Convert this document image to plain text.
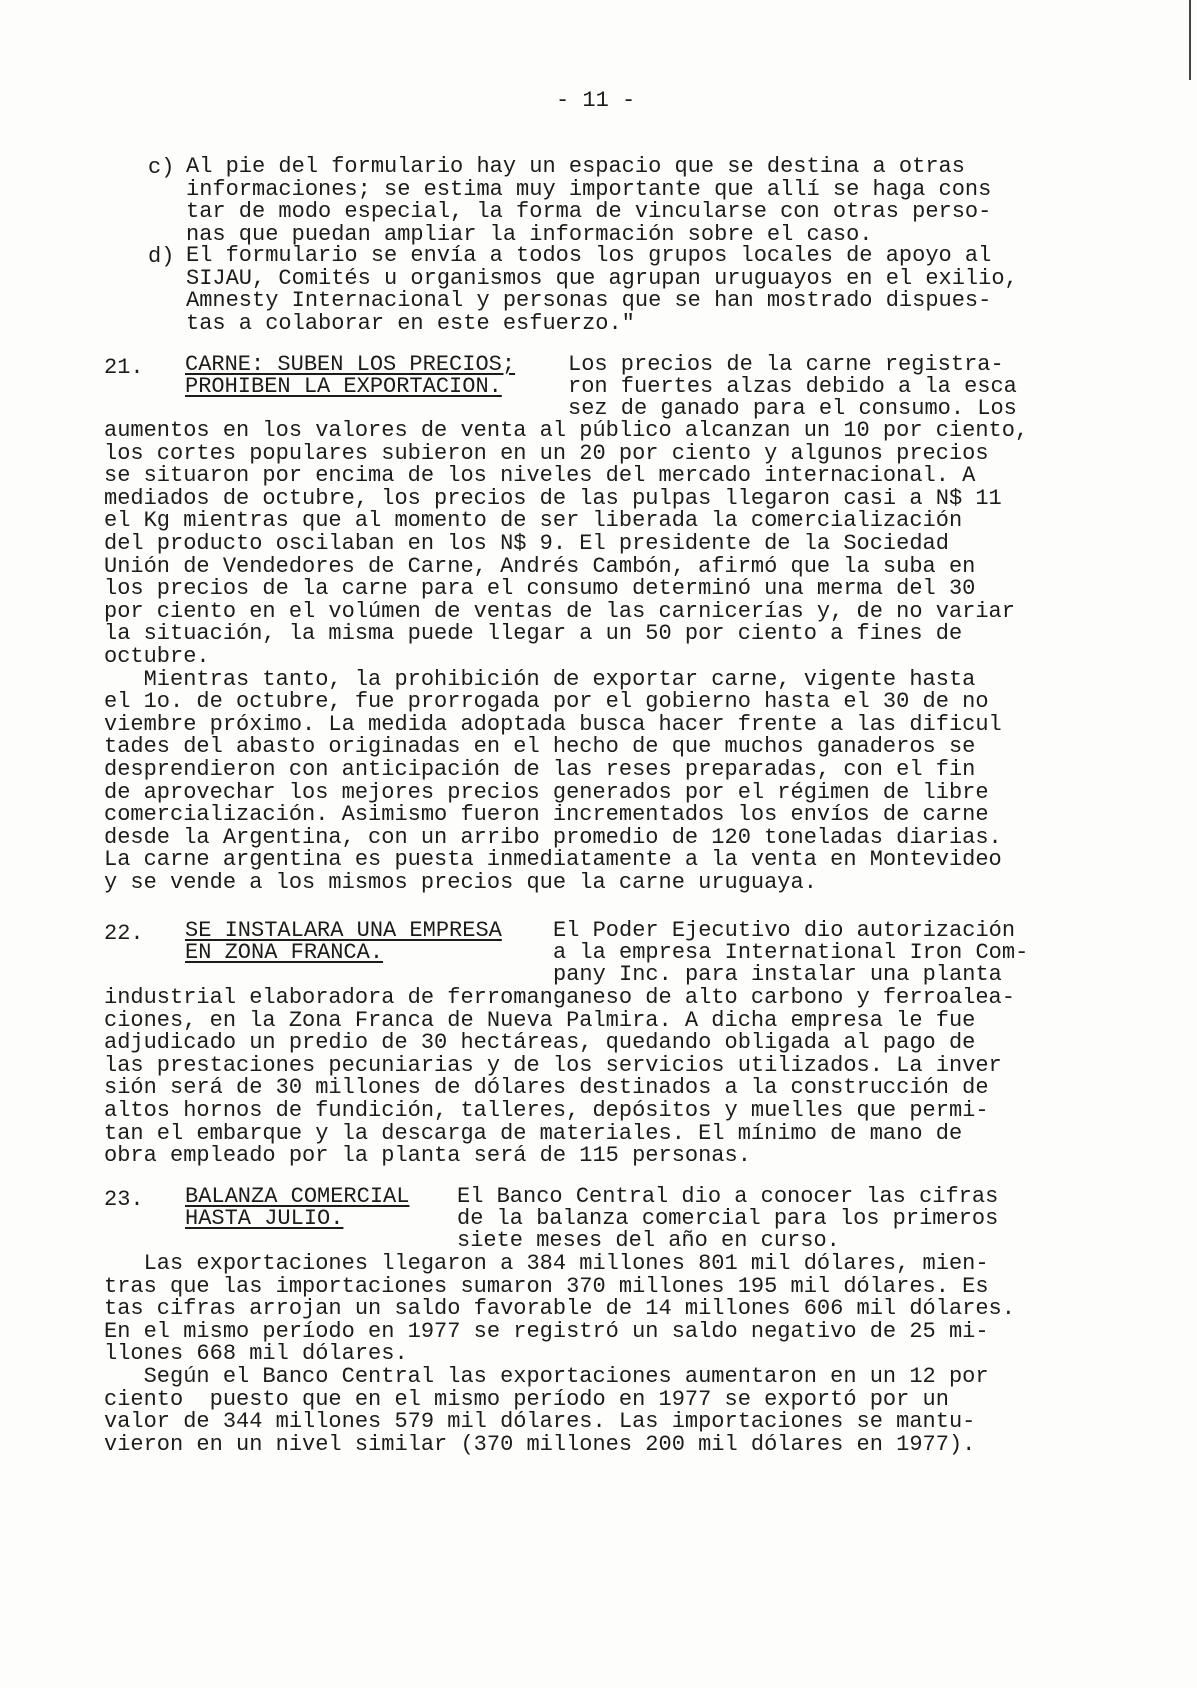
- 11 -
c) Al pie del formulario hay un espacio que se destina a otras
informaciones; se estima muy importante que allí se haga cons
tar de modo especial, la forma de vincularse con otras perso-
nas que puedan ampliar la información sobre el caso.
d) El formulario se envía a todos los grupos locales de apoyo al
SIJAU, Comités u organismos que agrupan uruguayos en el exilio,
Amnesty Internacional y personas que se han mostrado dispues-
tas a colaborar en este esfuerzo."
21. CARNE: SUBEN LOS PRECIOS;
PROHIBEN LA EXPORTACION.
Los precios de la carne registra-
ron fuertes alzas debido a la esca
sez de ganado para el consumo. Los
aumentos en los valores de venta al público alcanzan un 10 por ciento,
los cortes populares subieron en un 20 por ciento y algunos precios
se situaron por encima de los niveles del mercado internacional. A
mediados de octubre, los precios de las pulpas llegaron casi a N$ 11
el Kg mientras que al momento de ser liberada la comercialización
del producto oscilaban en los N$ 9. El presidente de la Sociedad
Unión de Vendedores de Carne, Andrés Cambón, afirmó que la suba en
los precios de la carne para el consumo determinó una merma del 30
por ciento en el volúmen de ventas de las carnicerías y, de no variar
la situación, la misma puede llegar a un 50 por ciento a fines de
octubre.
Mientras tanto, la prohibición de exportar carne, vigente hasta
el 1o. de octubre, fue prorrogada por el gobierno hasta el 30 de no
viembre próximo. La medida adoptada busca hacer frente a las dificul
tades del abasto originadas en el hecho de que muchos ganaderos se
desprendieron con anticipación de las reses preparadas, con el fin
de aprovechar los mejores precios generados por el régimen de libre
comercialización. Asimismo fueron incrementados los envíos de carne
desde la Argentina, con un arribo promedio de 120 toneladas diarias.
La carne argentina es puesta inmediatamente a la venta en Montevideo
y se vende a los mismos precios que la carne uruguaya.
22. SE INSTALARA UNA EMPRESA
EN ZONA FRANCA.
El Poder Ejecutivo dio autorización
a la empresa International Iron Com-
pany Inc. para instalar una planta
industrial elaboradora de ferromanganeso de alto carbono y ferroalea-
ciones, en la Zona Franca de Nueva Palmira. A dicha empresa le fue
adjudicado un predio de 30 hectáreas, quedando obligada al pago de
las prestaciones pecuniarias y de los servicios utilizados. La inver
sión será de 30 millones de dólares destinados a la construcción de
altos hornos de fundición, talleres, depósitos y muelles que permi-
tan el embarque y la descarga de materiales. El mínimo de mano de
obra empleado por la planta será de 115 personas.
23. BALANZA COMERCIAL
HASTA JULIO.
El Banco Central dio a conocer las cifras
de la balanza comercial para los primeros
siete meses del año en curso.
Las exportaciones llegaron a 384 millones 801 mil dólares, mien-
tras que las importaciones sumaron 370 millones 195 mil dólares. Es
tas cifras arrojan un saldo favorable de 14 millones 606 mil dólares.
En el mismo período en 1977 se registró un saldo negativo de 25 mi-
llones 668 mil dólares.
Según el Banco Central las exportaciones aumentaron en un 12 por
ciento  puesto que en el mismo período en 1977 se exportó por un
valor de 344 millones 579 mil dólares. Las importaciones se mantu-
vieron en un nivel similar (370 millones 200 mil dólares en 1977).
